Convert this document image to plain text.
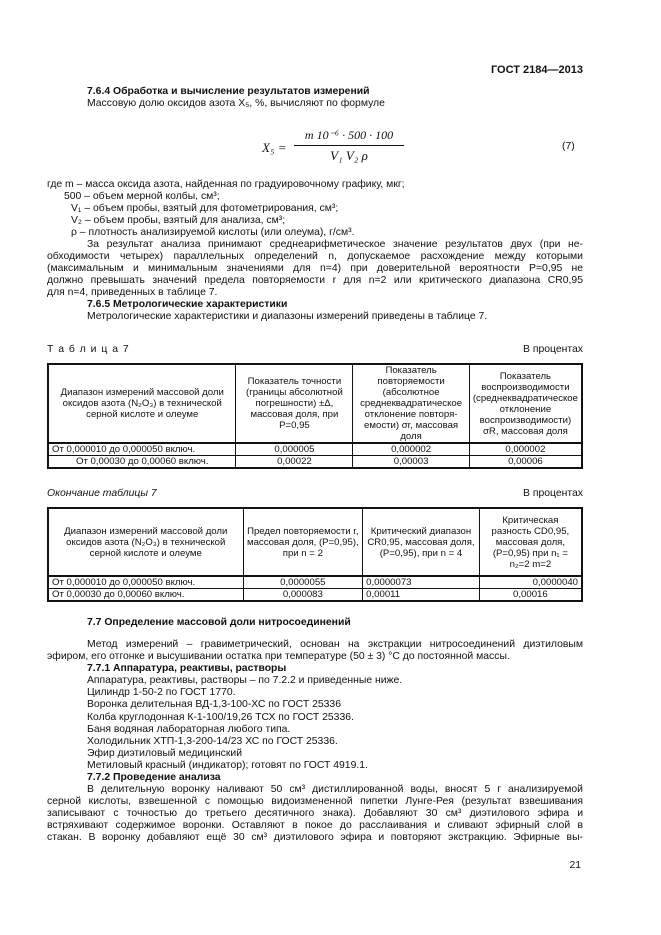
ГОСТ 2184—2013
7.6.4 Обработка и вычисление результатов измерений
Массовую долю оксидов азота X₅, %, вычисляют по формуле
X₅ =
m 10⁻⁶ · 500 · 100
V₁ V₂ ρ
(7)
где m – масса оксида азота, найденная по градуировочному графику, мкг;
500 – объем мерной колбы, см³;
V₁ – объем пробы, взятый для фотометрирования, см³;
V₂ – объем пробы, взятый для анализа, см³;
ρ – плотность анализируемой кислоты (или олеума), г/см³.
За результат анализа принимают среднеарифметическое значение результатов двух (при не-
обходимости четырех) параллельных определений n, допускаемое расхождение между которыми
(максимальным и минимальным значениями для n=4) при доверительной вероятности P=0,95 не
должно превышать значений предела повторяемости r для n=2 или критического диапазона CR0,95
для n=4, приведенных в таблице 7.
7.6.5 Метрологические характеристики
Метрологические характеристики и диапазоны измерений приведены в таблице 7.
Т а б л и ц а 7	В процентах
Диапазон измерений массовой доли оксидов азота (N₂O₃) в технической серной кислоте и олеуме	Показатель точности (границы абсолютной погрешности) ±Δ, массовая доля, при P=0,95	Показатель повторяемости (абсолютное среднеквадратическое отклонение повторя-емости) σr, массовая доля	Показатель воспроизводимости (среднеквадратическое отклонение воспроизводимости) σR, массовая доля
От 0,000010 до 0,000050 включ.	0,000005	0,000002	0,000002
От 0,00030 до 0,00060 включ.	0,00022	0,00003	0,00006
Окончание таблицы 7	В процентах
Диапазон измерений массовой доли оксидов азота (N₂O₃) в технической серной кислоте и олеуме	Предел повторяемости r, массовая доля, (P=0,95), при n = 2	Критический диапазон CR0,95, массовая доля, (P=0,95), при n = 4	Критическая разность CD0,95, массовая доля, (P=0,95) при n₁ = n₂=2 m=2
От 0,000010 до 0,000050 включ.	0,0000055	0,0000073	0,0000040
От 0,00030 до 0,00060 включ.	0,000083	0,00011	0,00016
7.7 Определение массовой доли нитросоединений
Метод измерений – гравиметрический, основан на экстракции нитросоединений диэтиловым
эфиром, его отгонке и высушивании остатка при температуре (50 ± 3) °С до постоянной массы.
7.7.1 Аппаратура, реактивы, растворы
Аппаратура, реактивы, растворы – по 7.2.2 и приведенные ниже.
Цилиндр 1-50-2 по ГОСТ 1770.
Воронка делительная ВД-1,3-100-ХС по ГОСТ 25336
Колба круглодонная К-1-100/19,26 ТСХ по ГОСТ 25336.
Баня водяная лабораторная любого типа.
Холодильник ХТП-1,3-200-14/23 ХС по ГОСТ 25336.
Эфир диэтиловый медицинский
Метиловый красный (индикатор); готовят по ГОСТ 4919.1.
7.7.2 Проведение анализа
В делительную воронку наливают 50 см³ дистиллированной воды, вносят 5 г анализируемой
серной кислоты, взвешенной с помощью видоизмененной пипетки Лунге-Рея (результат взвешивания
записывают с точностью до третьего десятичного знака). Добавляют 30 см³ диэтилового эфира и
встряхивают содержимое воронки. Оставляют в покое до расслаивания и сливают эфирный слой в
стакан. В воронку добавляют ещё 30 см³ диэтилового эфира и повторяют экстракцию. Эфирные вы-
21
